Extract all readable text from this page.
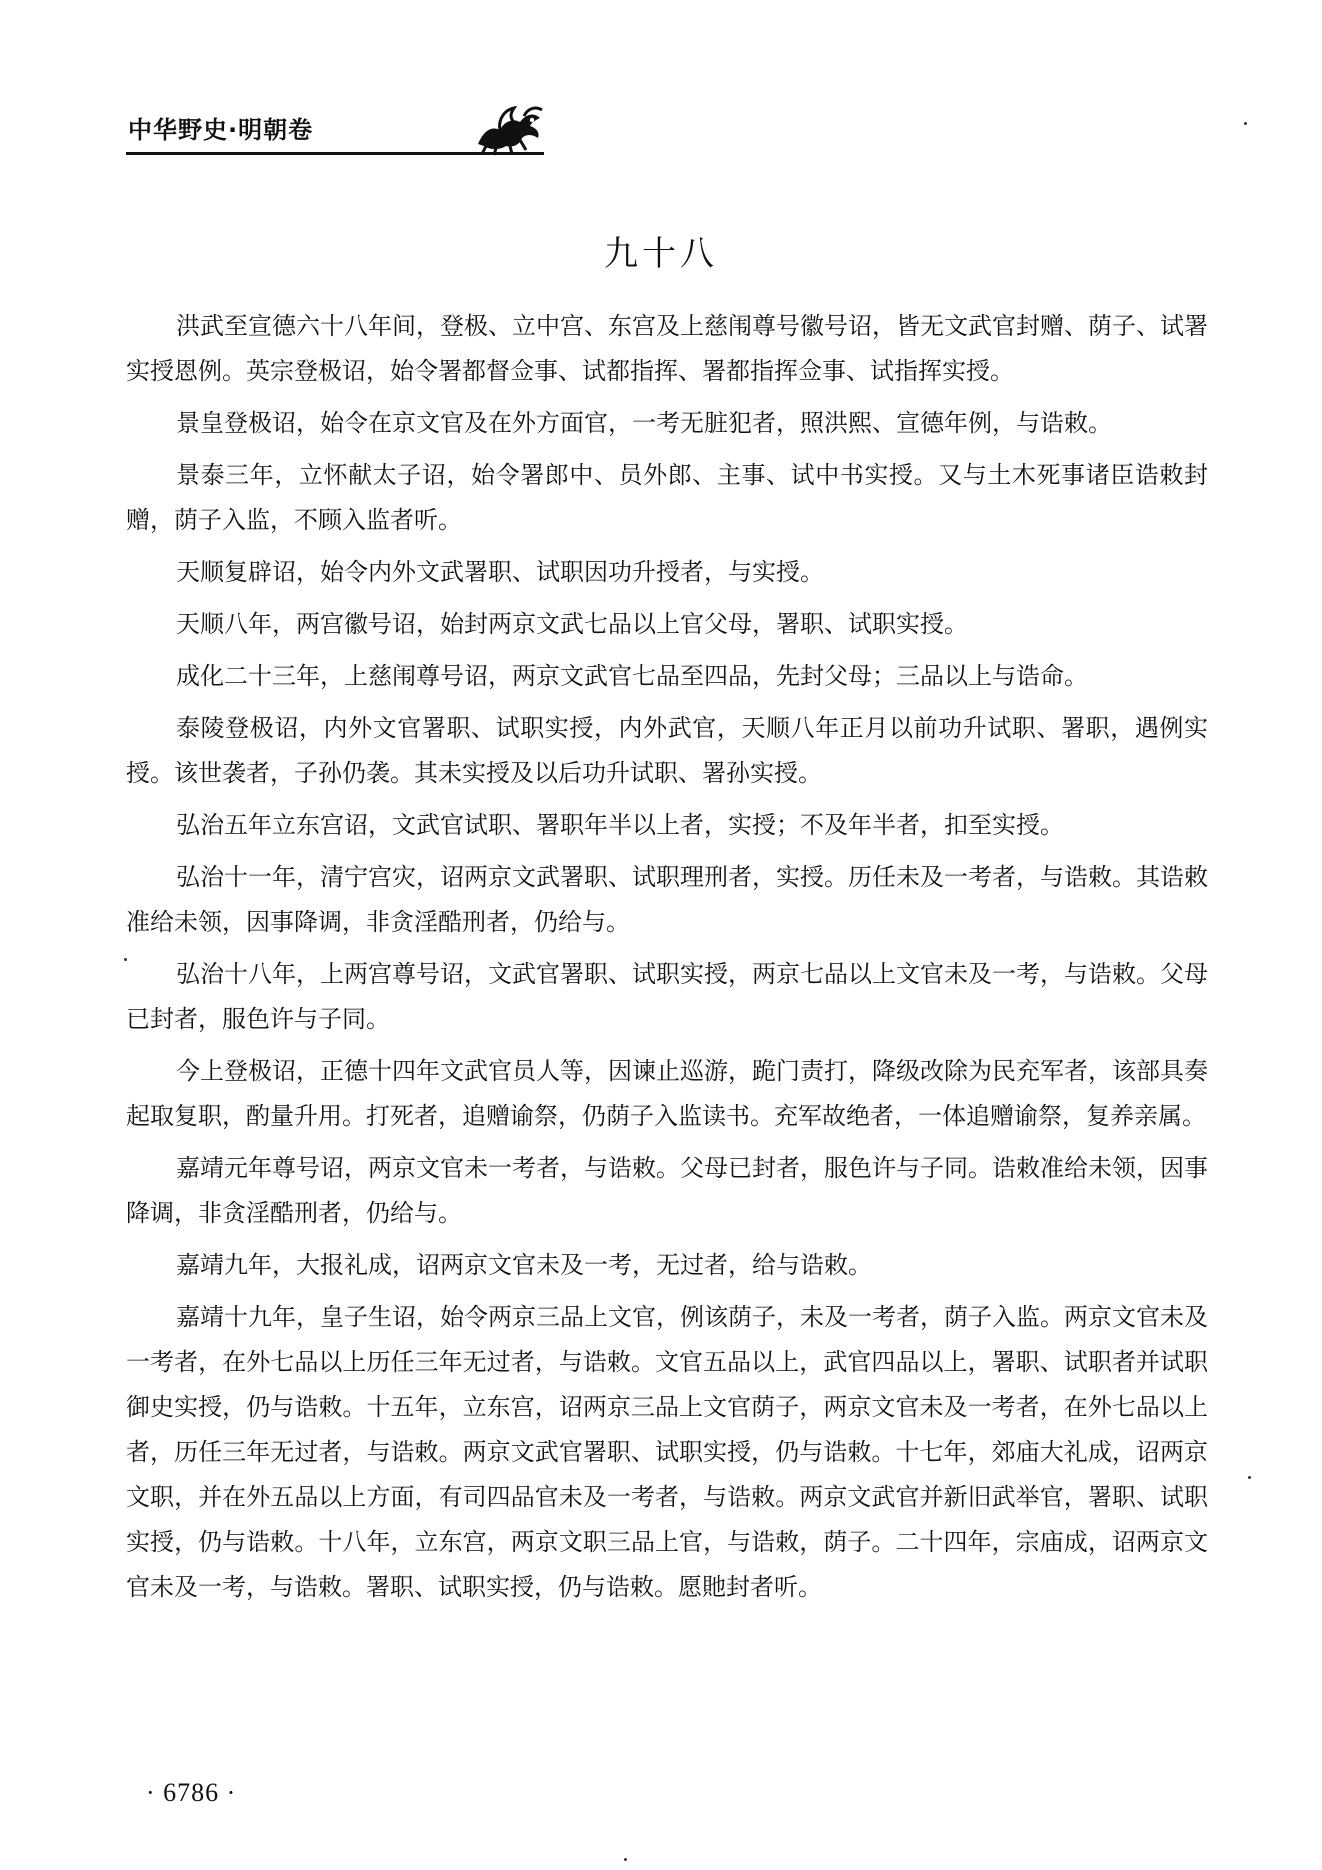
中华野史·明朝卷
九十八

洪武至宣德六十八年间，登极、立中宫、东宫及上慈闱尊号徽号诏，皆无文武官封赠、荫子、试署实授恩例。英宗登极诏，始令署都督佥事、试都指挥、署都指挥佥事、试指挥实授。

景皇登极诏，始令在京文官及在外方面官，一考无脏犯者，照洪熙、宣德年例，与诰敕。

景泰三年，立怀献太子诏，始令署郎中、员外郎、主事、试中书实授。又与土木死事诸臣诰敕封赠，荫子入监，不顾入监者听。

天顺复辟诏，始令内外文武署职、试职因功升授者，与实授。

天顺八年，两宫徽号诏，始封两京文武七品以上官父母，署职、试职实授。

成化二十三年，上慈闱尊号诏，两京文武官七品至四品，先封父母；三品以上与诰命。

泰陵登极诏，内外文官署职、试职实授，内外武官，天顺八年正月以前功升试职、署职，遇例实授。该世袭者，子孙仍袭。其未实授及以后功升试职、署孙实授。

弘治五年立东宫诏，文武官试职、署职年半以上者，实授；不及年半者，扣至实授。

弘治十一年，清宁宫灾，诏两京文武署职、试职理刑者，实授。历任未及一考者，与诰敕。其诰敕准给未领，因事降调，非贪淫酷刑者，仍给与。

弘治十八年，上两宫尊号诏，文武官署职、试职实授，两京七品以上文官未及一考，与诰敕。父母已封者，服色许与子同。

今上登极诏，正德十四年文武官员人等，因谏止巡游，跪门责打，降级改除为民充军者，该部具奏起取复职，酌量升用。打死者，追赠谕祭，仍荫子入监读书。充军故绝者，一体追赠谕祭，复养亲属。

嘉靖元年尊号诏，两京文官未一考者，与诰敕。父母已封者，服色许与子同。诰敕准给未领，因事降调，非贪淫酷刑者，仍给与。

嘉靖九年，大报礼成，诏两京文官未及一考，无过者，给与诰敕。

嘉靖十九年，皇子生诏，始令两京三品上文官，例该荫子，未及一考者，荫子入监。两京文官未及一考者，在外七品以上历任三年无过者，与诰敕。文官五品以上，武官四品以上，署职、试职者并试职御史实授，仍与诰敕。十五年，立东宫，诏两京三品上文官荫子，两京文官未及一考者，在外七品以上者，历任三年无过者，与诰敕。两京文武官署职、试职实授，仍与诰敕。十七年，郊庙大礼成，诏两京文职，并在外五品以上方面，有司四品官未及一考者，与诰敕。两京文武官并新旧武举官，署职、试职实授，仍与诰敕。十八年，立东宫，两京文职三品上官，与诰敕，荫子。二十四年，宗庙成，诏两京文官未及一考，与诰敕。署职、试职实授，仍与诰敕。愿貤封者听。

· 6786 ·
